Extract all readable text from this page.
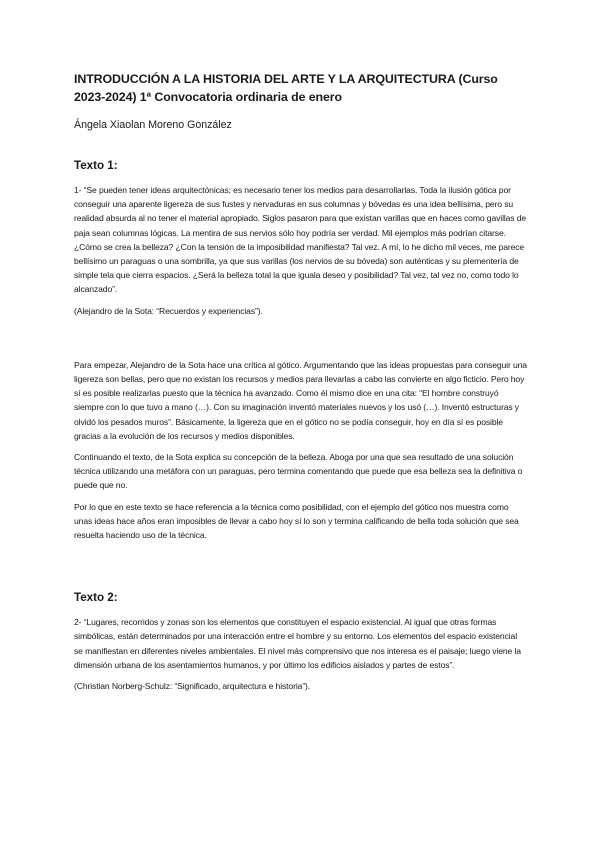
INTRODUCCIÓN A LA HISTORIA DEL ARTE Y LA ARQUITECTURA (Curso 2023-2024) 1ª Convocatoria ordinaria de enero

Ángela Xiaolan Moreno González

Texto 1:

1- “Se pueden tener ideas arquitectónicas; es necesario tener los medios para desarrollarlas. Toda la ilusión gótica por conseguir una aparente ligereza de sus fustes y nervaduras en sus columnas y bóvedas es una idea bellísima, pero su realidad absurda al no tener el material apropiado. Siglos pasaron para que existan varillas que en haces como gavillas de paja sean columnas lógicas. La mentira de sus nervios sólo hoy podría ser verdad. Mil ejemplos más podrían citarse. ¿Cómo se crea la belleza? ¿Con la tensión de la imposibilidad manifiesta? Tal vez. A mí, lo he dicho mil veces, me parece bellísimo un paraguas o una sombrilla, ya que sus varillas (los nervios de su bóveda) son auténticas y su plementería de simple tela que cierra espacios. ¿Será la belleza total la que iguala deseo y posibilidad? Tal vez, tal vez no, como todo lo alcanzado”.

(Alejandro de la Sota: “Recuerdos y experiencias”).

Para empezar, Alejandro de la Sota hace una crítica al gótico. Argumentando que las ideas propuestas para conseguir una ligereza son bellas, pero que no existan los recursos y medios para llevarlas a cabo las convierte en algo ficticio. Pero hoy sí es posible realizarlas puesto que la técnica ha avanzado. Como él mismo dice en una cita: “El hombre construyó siempre con lo que tuvo a mano (…). Con su imaginación inventó materiales nuevos y los usó (…). Inventó estructuras y olvidó los pesados muros”. Básicamente, la ligereza que en el gótico no se podía conseguir, hoy en día sí es posible gracias a la evolución de los recursos y medios disponibles.

Continuando el texto, de la Sota explica su concepción de la belleza. Aboga por una que sea resultado de una solución técnica utilizando una metáfora con un paraguas, pero termina comentando que puede que esa belleza sea la definitiva o puede que no.

Por lo que en este texto se hace referencia a la técnica como posibilidad, con el ejemplo del gótico nos muestra como unas ideas hace años eran imposibles de llevar a cabo hoy sí lo son y termina calificando de bella toda solución que sea resuelta haciendo uso de la técnica.

Texto 2:

2- “Lugares, recorridos y zonas son los elementos que constituyen el espacio existencial. Al igual que otras formas simbólicas, están determinados por una interacción entre el hombre y su entorno. Los elementos del espacio existencial se manifiestan en diferentes niveles ambientales. El nivel más comprensivo que nos interesa es el paisaje; luego viene la dimensión urbana de los asentamientos humanos, y por último los edificios aislados y partes de estos”.

(Christian Norberg-Schulz: “Significado, arquitectura e historia”).
